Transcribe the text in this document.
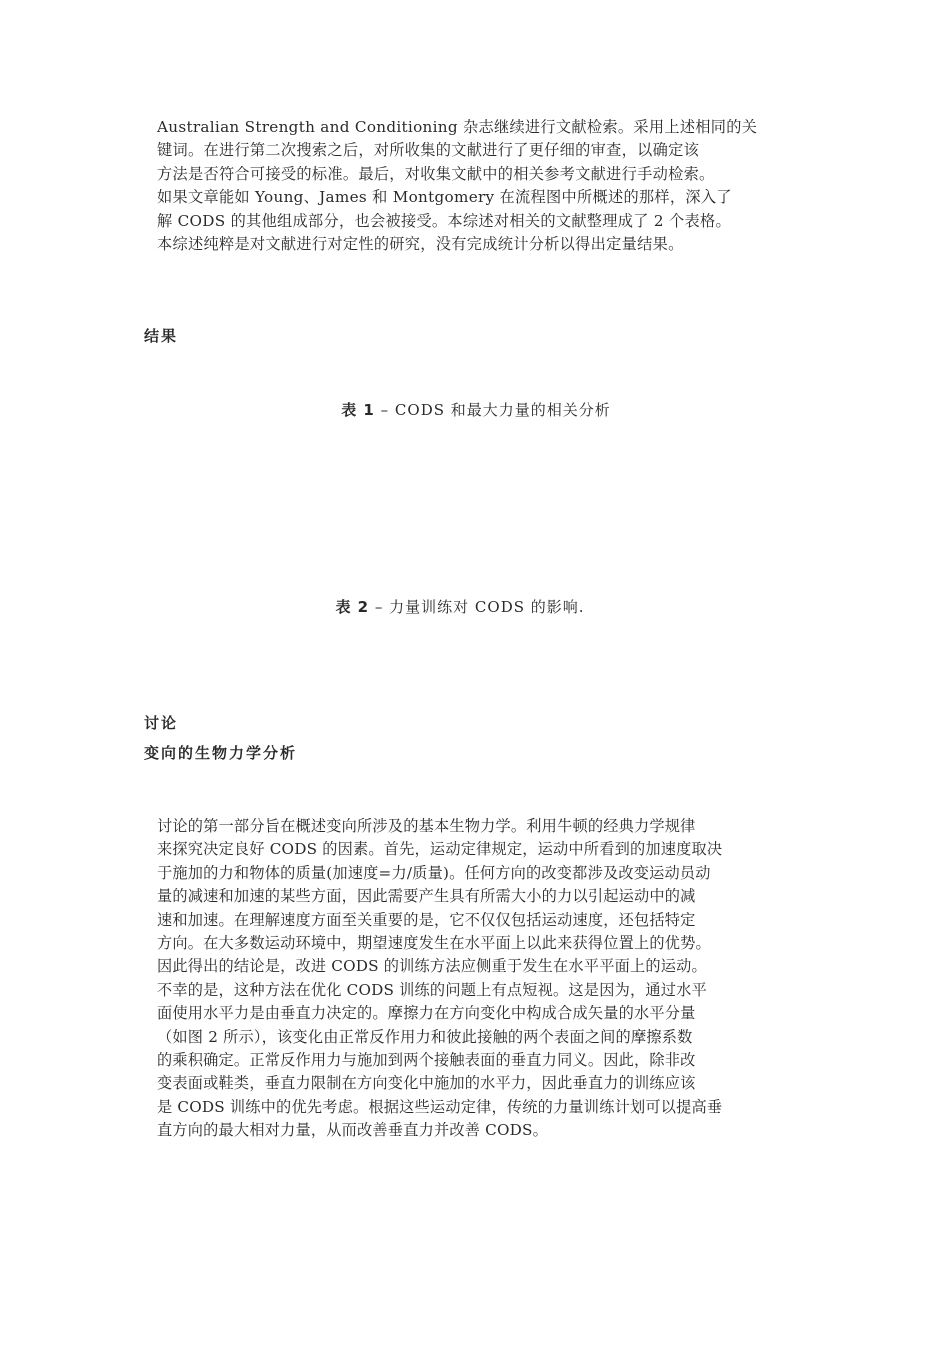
Australian Strength and Conditioning 杂志继续进行文献检索。采用上述相同的关
键词。在进行第二次搜索之后，对所收集的文献进行了更仔细的审查，以确定该
方法是否符合可接受的标准。最后，对收集文献中的相关参考文献进行手动检索。
如果文章能如 Young、James 和 Montgomery 在流程图中所概述的那样，深入了
解 CODS 的其他组成部分，也会被接受。本综述对相关的文献整理成了 2 个表格。
本综述纯粹是对文献进行对定性的研究，没有完成统计分析以得出定量结果。
结果

表 1 – CODS 和最大力量的相关分析

表 2 – 力量训练对 CODS 的影响.

讨论
变向的生物力学分析
讨论的第一部分旨在概述变向所涉及的基本生物力学。利用牛顿的经典力学规律
来探究决定良好 CODS 的因素。首先，运动定律规定，运动中所看到的加速度取决
于施加的力和物体的质量(加速度=力/质量)。任何方向的改变都涉及改变运动员动
量的减速和加速的某些方面，因此需要产生具有所需大小的力以引起运动中的减
速和加速。在理解速度方面至关重要的是，它不仅仅包括运动速度，还包括特定
方向。在大多数运动环境中，期望速度发生在水平面上以此来获得位置上的优势。
因此得出的结论是，改进 CODS 的训练方法应侧重于发生在水平平面上的运动。
不幸的是，这种方法在优化 CODS 训练的问题上有点短视。这是因为，通过水平
面使用水平力是由垂直力决定的。摩擦力在方向变化中构成合成矢量的水平分量
（如图 2 所示），该变化由正常反作用力和彼此接触的两个表面之间的摩擦系数
的乘积确定。正常反作用力与施加到两个接触表面的垂直力同义。因此，除非改
变表面或鞋类，垂直力限制在方向变化中施加的水平力，因此垂直力的训练应该
是 CODS 训练中的优先考虑。根据这些运动定律，传统的力量训练计划可以提高垂
直方向的最大相对力量，从而改善垂直力并改善 CODS。
